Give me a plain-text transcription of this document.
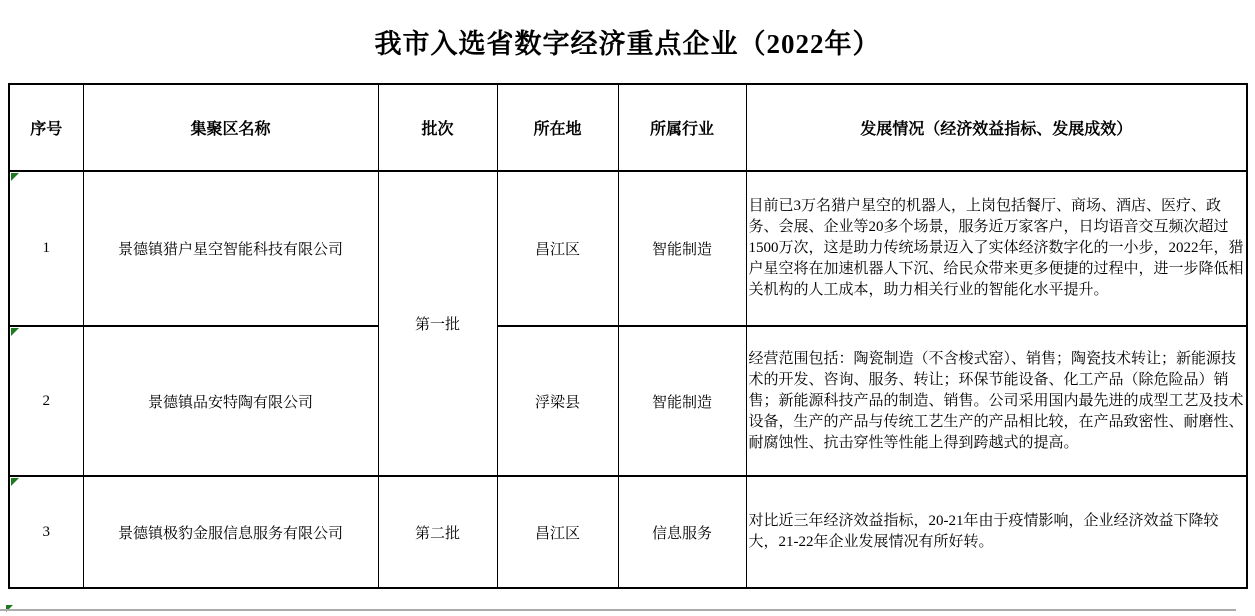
我市入选省数字经济重点企业（2022年）
序号	集聚区名称	批次	所在地	所属行业	发展情况（经济效益指标、发展成效）

1	景德镇猎户星空智能科技有限公司	第一批	昌江区	智能制造	目前已3万名猎户星空的机器人，上岗包括餐厅、商场、酒店、医疗、政务、会展、企业等20多个场景，服务近万家客户，日均语音交互频次超过1500万次，这是助力传统场景迈入了实体经济数字化的一小步，2022年，猎户星空将在加速机器人下沉、给民众带来更多便捷的过程中，进一步降低相关机构的人工成本，助力相关行业的智能化水平提升。

2	景德镇品安特陶有限公司		浮梁县	智能制造	经营范围包括：陶瓷制造（不含梭式窑）、销售；陶瓷技术转让；新能源技术的开发、咨询、服务、转让；环保节能设备、化工产品（除危险品）销售；新能源科技产品的制造、销售。公司采用国内最先进的成型工艺及技术设备，生产的产品与传统工艺生产的产品相比较，在产品致密性、耐磨性、耐腐蚀性、抗击穿性等性能上得到跨越式的提高。

3	景德镇极豹金服信息服务有限公司	第二批	昌江区	信息服务	对比近三年经济效益指标，20-21年由于疫情影响，企业经济效益下降较大，21-22年企业发展情况有所好转。
